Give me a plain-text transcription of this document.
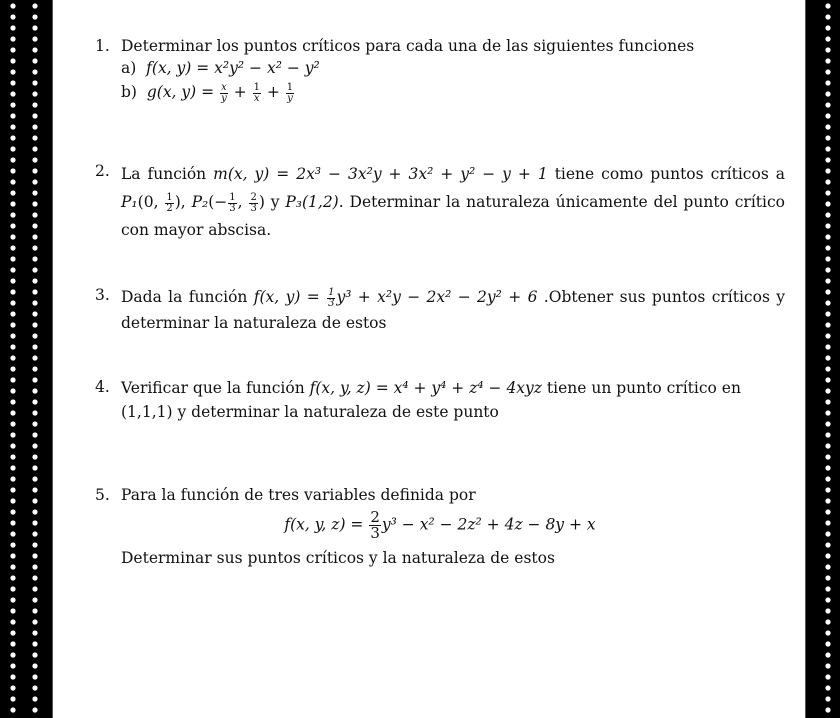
1. Determinar los puntos críticos para cada una de las siguientes funciones
a) f(x, y) = x²y² − x² − y²
b) g(x, $y) = \frac{x}{y} + \frac{1}{x} + \frac{1}{y}$
2. La función m(x, y) = 2x³ − 3x²y + 3x² + y² − y + 1 tiene como puntos críticos a P₁(0, $\frac{1}{2}$ ), $P_2(- \frac{1}{3}$ , $\frac{2}{3}$ ) y P₃(1,2). Determinar la naturaleza únicamente del punto crítico con mayor abscisa.
3. Dada la función f(x, $y) = \frac{1}{3} y^3 + x^2y - 2x^2 - 2y^2 + 6$ .Obtener sus puntos críticos y determinar la naturaleza de estos
4. Verificar que la función f(x, y, z) = x⁴ + y⁴ + z⁴ − 4xyz tiene un punto crítico en (1,1,1) y determinar la naturaleza de este punto
5. Para la función de tres variables definida por
f(x, y, $z) = \frac{2}{3} y^3 - x^2 - 2z^2 + 4z - 8y + x$
Determinar sus puntos críticos y la naturaleza de estos
